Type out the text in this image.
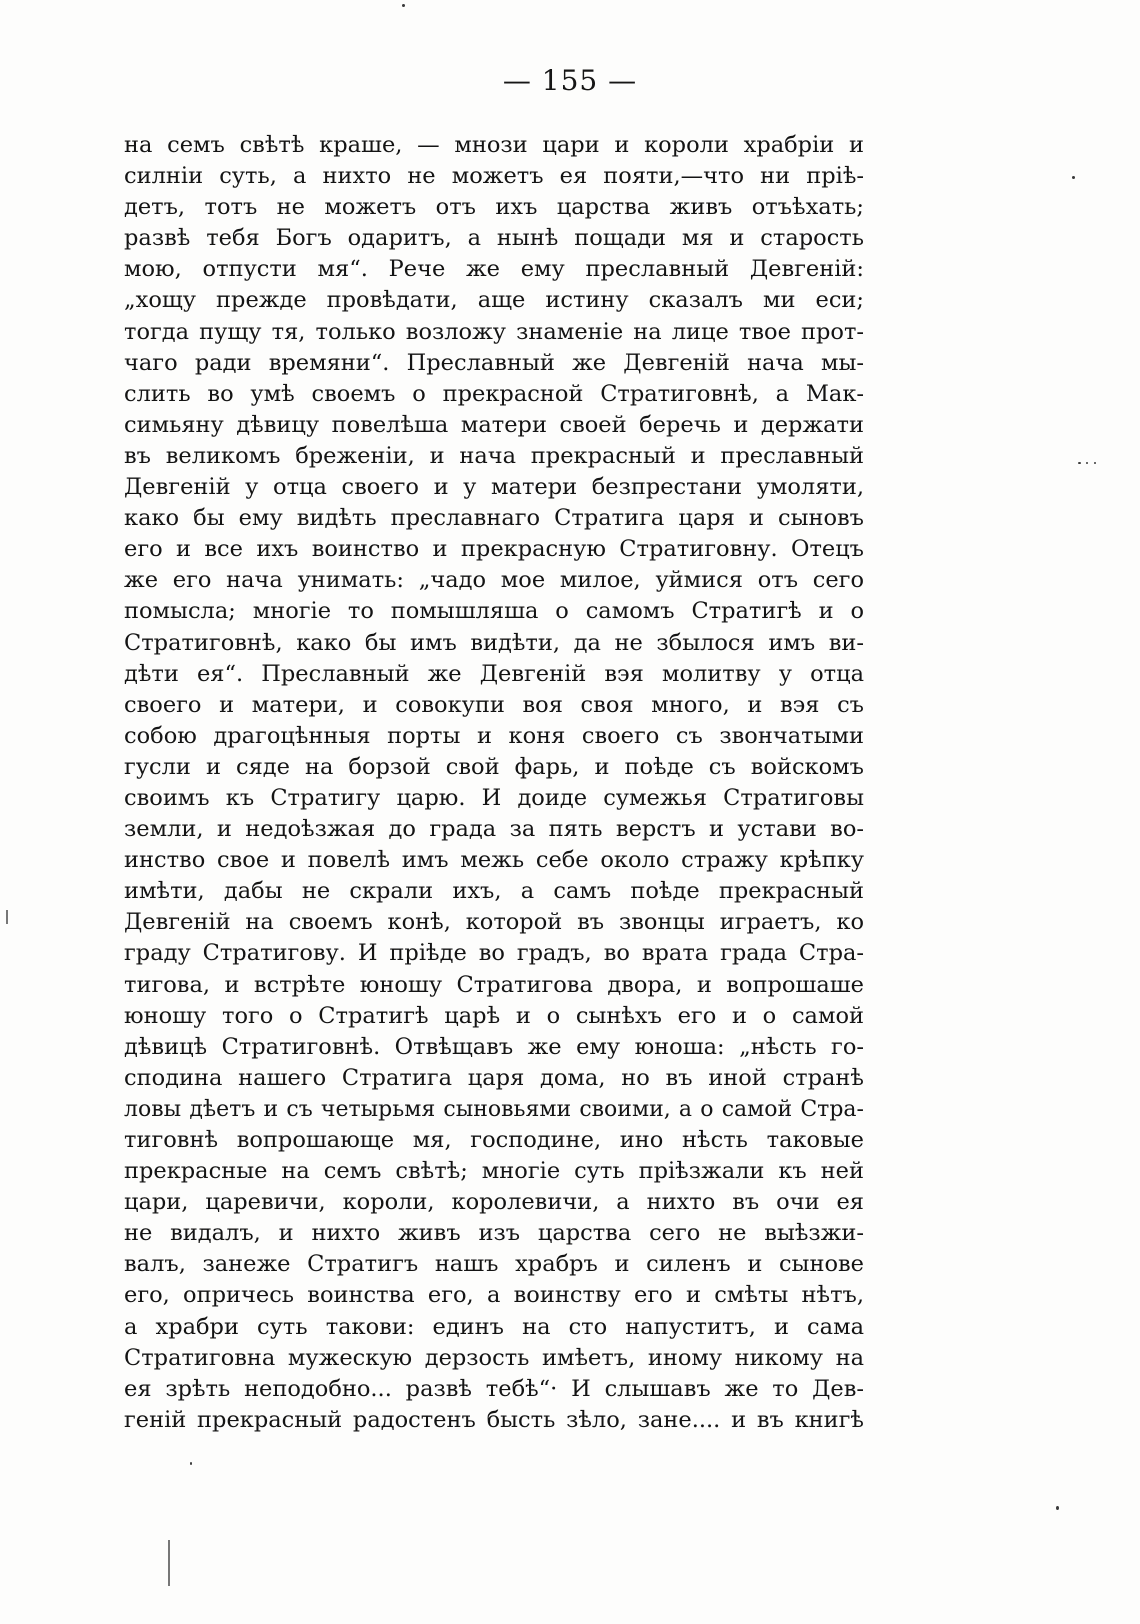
— 155 —
на семъ свѣтѣ краше, — мнози цари и короли храбріи и
силніи суть, а нихто не можетъ ея пояти,—что ни пріѣ-
детъ, тотъ не можетъ отъ ихъ царства живъ отъѣхать;
развѣ тебя Богъ одаритъ, а нынѣ пощади мя и старость
мою, отпусти мя“. Рече же ему преславный Девгеній:
„хощу прежде провѣдати, аще истину сказалъ ми еси;
тогда пущу тя, только возложу знаменіе на лице твое прот-
чаго ради времяни“. Преславный же Девгеній нача мы-
слить во умѣ своемъ о прекрасной Стратиговнѣ, а Мак-
симьяну дѣвицу повелѣша матери своей беречь и держати
въ великомъ бреженіи, и нача прекрасный и преславный
Девгеній у отца своего и у матери безпрестани умоляти,
како бы ему видѣть преславнаго Стратига царя и сыновъ
его и все ихъ воинство и прекрасную Стратиговну. Отецъ
же его нача унимать: „чадо мое милое, уймися отъ сего
помысла; многіе то помышляша о самомъ Стратигѣ и о
Стратиговнѣ, како бы имъ видѣти, да не збылося имъ ви-
дѣти ея“. Преславный же Девгеній вэя молитву у отца
своего и матери, и совокупи воя своя много, и вэя съ
собою драгоцѣнныя порты и коня своего съ звончатыми
гусли и сяде на борзой свой фарь, и поѣде съ войскомъ
своимъ къ Стратигу царю. И доиде сумежья Стратиговы
земли, и недоѣзжая до града за пять верстъ и устави во-
инство свое и повелѣ имъ межь себе около стражу крѣпку
имѣти, дабы не скрали ихъ, а самъ поѣде прекрасный
Девгеній на своемъ конѣ, которой въ звонцы играетъ, ко
граду Стратигову. И пріѣде во градъ, во врата града Стра-
тигова, и встрѣте юношу Стратигова двора, и вопрошаше
юношу того о Стратигѣ царѣ и о сынѣхъ его и о самой
дѣвицѣ Стратиговнѣ. Отвѣщавъ же ему юноша: „нѣсть го-
сподина нашего Стратига царя дома, но въ иной странѣ
ловы дѣетъ и съ четырьмя сыновьями своими, а о самой Стра-
тиговнѣ вопрошающе мя, господине, ино нѣсть таковые
прекрасные на семъ свѣтѣ; многіе суть пріѣзжали къ ней
цари, царевичи, короли, королевичи, а нихто въ очи ея
не видалъ, и нихто живъ изъ царства сего не выѣзжи-
валъ, занеже Стратигъ нашъ храбръ и силенъ и сынове
его, опричесь воинства его, а воинству его и смѣты нѣтъ,
а храбри суть такови: единъ на сто напуститъ, и сама
Стратиговна мужескую дерзость имѣетъ, иному никому на
ея зрѣть неподобно... развѣ тебѣ“· И слышавъ же то Дев-
геній прекрасный радостенъ бысть зѣло, зане.... и въ книгѣ
